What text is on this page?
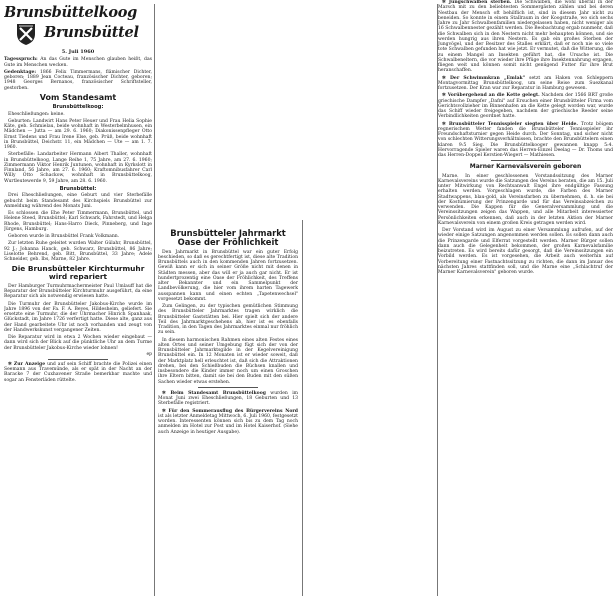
Brunsbüttelkoog
Brunsbüttel
5. Juli 1960

Tagesspruch: An das Gute im Menschen glauben heißt, das Gute im Menschen wecken.

Gedenktage: 1866 Felix Timmermans, flämischer Dichter, geboren; 1889 Jean Cocteau, französischer Dichter, geboren; 1948 Georges Bernanos, französischer Schriftsteller, gestorben.

Vom Standesamt
Brunsbüttelkoog:

Eheschließungen: keine.

Geburten: Landwirt Hans Peter Heuer und Frau Helia Sophie Käte, geb. Schmielau, beide wohnhaft in Westerbelmhusen, ein Mädchen — Jutta — am 29. 6. 1960; Diakonissenpfleger Otto Ernst Tiedens und Frau Irene Else, geb. Prüß, beide wohnhaft in Brunsbüttel, Deichstr. 11, ein Mädchen — Ute — am 1. 7. 1960.

Sterbefälle: Landarbeiter Hermann Albert Thaller, wohnhaft in Brunsbüttelkoog, Lange Reihe 1, 75 Jahre, am 27. 6. 1960; Zimmermann Viktor Henrik Juntunen, wohnhaft in Kyrkslott in Finnland, 56 Jahre, am 27. 6. 1960; Kraftomnibusfahrer Carl Willy Otto Schackow, wohnhaft in Brunsbüttelkoog, Wurtleutewerde 9, 59 Jahre, am 28. 6. 1960.

Brunsbüttel:

Drei Eheschließungen, eine Geburt und vier Sterbefälle gebucht beim Standesamt des Kirchspiels Brunsbüttel zur Anmeldung während des Monats Juni.

Es schlossen die Ehe Peter Timmermann, Brunsbüttel, und Helene Steed, Brunsbüttel; Karl Schwark, Fahrstedt, und Helga Rhode, Brunsbüttel; Hans-Harro Dieck, Pinneberg, und Inge Jürgens, Hamburg.

Geboren wurde in Brunsbüttel Frank Volkmann.

Zur letzten Ruhe geleitet wurden Walter Gülahr, Brunsbüttel, 92 J.; Johanna Hanck, geb. Schwarz, Brunsbüttel, 86 Jahre; Liselotte Behrend, geb. Bitt, Brunsbüttel, 33 Jahre; Adele Schneider, geb. Ibs, Marne, 82 Jahre.

Die Brunsbütteler Kirchturmuhr wird repariert

Der Hamburger Turmuhrmachermeister Paul Umlauff hat die Reparatur der Brunsbütteler Kirchturmuhr ausgeführt, da eine Reparatur sich als notwendig erwiesen hatte.

Die Turmuhr der Brunsbütteler Jakobus-Kirche wurde im Jahre 1896 von der Fa. F. A. Beyes, Hildesheim, geliefert. Sie ersetzte eine Turmuhr, die der Uhrmacher Hinrich Spanhaak, Glückstadt, im Jahre 1726 verfertigt hatte. Diese alte, ganz aus der Hand gearbeitete Uhr ist noch vorhanden und zeugt von der Handwerkskunst vergangener Zeiten.

Die Reparatur wird in etwa 2 Wochen wieder eingebaut — dann wird sich der Blick auf die pünktliche Uhr an dem Turme der Brunsbütteler Jakobus-Kirche wieder lohnen!

ep

✲ Zur Anzeige und auf sein Schiff brachte die Polizei einen Seemann aus Travemünde, als er spät in der Nacht an der Baracke 7 der Cuxhavener Straße bemerkbar machte und sogar an Fensterläden rüttelte.

Brunsbütteler Jahrmarkt Oase der Fröhlichkeit

Den Jahrmarkt in Brunsbüttel war ein guter Erfolg beschieden, so daß es gerechtfertigt ist, diese alte Tradition Brunsbüttels auch in den kommenden Jahren fortzusetzen. Gewiß kann er sich in seiner Größe nicht mit denen in Städten messen, aber das will er ja auch gar nicht. Er ist hundertprozentig eine Oase der Fröhlichkeit, des Treffens alter Bekannter und ein Sammelpunkt der Landbevölkerung, die hier vom ihrem harten Tagewerk ausspannen kann und einen echten „Tapetenwechsel" vorgesetzt bekommt.

Zum Gelingen, zu der typischen gemütlichen Stimmung des Brunsbütteler Jahrmarktes tragen wirklich die Brunsbütteler Gaststätten bei. Hier spielt sich der andere Teil des Jahrmarktgeschehens ab, hier ist es ebenfalls Tradition, in den Tagen des Jahrmarktes einmal nur fröhlich zu sein.

In diesem harmonischen Rahmen eines alten Festes eines alten Ortes und seiner Umgebung fügt sich der von der Brunsbütteler Jahrmarktsgilde in der Kegelvereinigung Brunsbüttel ein. In 12 Monaten ist er wieder soweit, daß der Marktplatz hell erleuchtet ist, daß sich die Attraktionen drehen, bei den Schießbuden die Büchsen knallen und insbesondere die Kinder immer noch um einen Groschen ihre Eltern bitten, damit sie bei den Buden mit den süßen Sachen wieder etwas erstehen.

✲ Beim Standesamt Brunsbüttelkoog wurden im Monat Juni zwei Eheschließungen, 18 Geburten und 13 Sterbefälle registriert.

✲ Für den Sommerausflug des Bürgervereins Nord ist als letzter Anmeldetag Mittwoch, 6. Juli 1960, festgesetzt worden. Interessenten können sich bis zu dem Tag noch anmelden im Hotel zur Post und im Hotel Kaiserhof. (Siehe auch Anzeige in heutiger Ausgabe).

✲ Jungschwalben sterben. Die Schwalben, die wohl überall in der Marsch mit zu den beliebtesten Sommergästen zählen und bei deren Nestbau der Mensch oft behilflich ist, sind in diesem Jahr nicht zu beneiden. So konnte in einem Stallraum in der Koogstraße, wo sich sechs Jahre zu Jahr Schwalbenfamilien niedergelassen haben, nicht weniger als 16 Schwalbennester gezählt werden. Die Beobachtung ergab nunmehr, daß die Schwalben sich in den Nestern nicht mehr behaupten können, und sie werden hungrig aus ihren Nestern. Es gab ein großes Sterben der Jungvögel, und der Besitzer des Stalles erklärt, daß er noch nie so viele tote Schwalben gefunden hat wie jetzt. Er vermutet, daß die Witterung, die zu einem Mangel an Insekten geführt hat, die Ursache ist. Die Schwalbeneltern, die vor wieder ihre Pfüge ihre Insektennahrung ergagen, fliegen weit und können somit nicht genügend Futter für ihre Brut heranschaffen.

✲ Der Schwimmkran „Emlak" setzt am Haken von Schleppern Montagvormittag Brunsbüttelkoog, um seine Reise zum Suezkanal fortzusetzen. Der Kran war zur Reparatur in Hamburg gewesen.

✲ Vorübergehend an die Kette gelegt. Nachdem der 1566 BRT große griechische Dampfer „Dafni" auf Ersuchen einer Brunsbütteler Firma vom Gerichtsvollzieher im Binnenhafen an die Kette gelegt worden war, wurde das Schiff wieder freigegeben, nachdem der griechische Reeder seine Verbindlichkeiten geordnet hatte.

✲ Brunsbütteler Tennisspieler siegten über Heide. Trotz böigem regnerischem Wetter fanden die Brunsbütteler Tennisspieler ihr Freundschaftsturnier gegen Heide durch. Der Sonntag, und sicher nicht von schlechten Witterungsverhältnissen, brachte den Brunsbüttelern einen klaren 9:5 Sieg. Die Brunsbüttelkooger gewannen knapp 5:4. Hervorragende Spieler waren das Herren-Einzel Deelag — Dr. Thoms und das Herren-Doppel Kerstien-Wiegert — Mathiesen.

Marner Karnevalsverein geboren

Marne. In einer geschlossenen Vorstandssitzung des Marner Karnevalsvereins wurde die Satzungen des Vereins beraten, die am 15. Juli unter Mitwirkung von Rechtsanwalt Engel ihre endgültige Fassung erhalten werden. Vorgeschlagen wurde, die Farben des Marner Stadtwappens, blau-gold, als Vereinsfarben zu übernehmen, d. h. sie bei der Kostümierung der Prinzengarde und für das Vereinsabzeichen zu verwenden. Die Kappen für die Generalversammlung und die Vereinssitzungen zeigen das Wappen, und alle Mitarbeit interessierter Persönlichkeiten erkennen, daß auch in der letzten Aktion der Marner Karnevalsverein von einem großen Kreis getragen werden wird.

Der Vorstand wird im August zu einer Versammlung aufrufen, auf der wieder einige Satzungen angenommen werden sollen. Es sollen dann auch die Prinzengarde und Elferrat vorgestellt werden. Marner Bürger sollen dann auch die Gelegenheit bekommen, der großen Karnevalsfamilie beizutreten. Es wird bereits dafür gesorgt, daß die Vereinssitzungen ein Vorbild werden. Es ist vorgesehen, die Arbeit auch weiterhin auf Vorbereitung einer Fastnachtssitzung zu richten, die dann im Januar des nächsten Jahres stattfinden soll, und die Marne eine „Schlachtruf der Marner Karnevalsverein" geboren wurde.
